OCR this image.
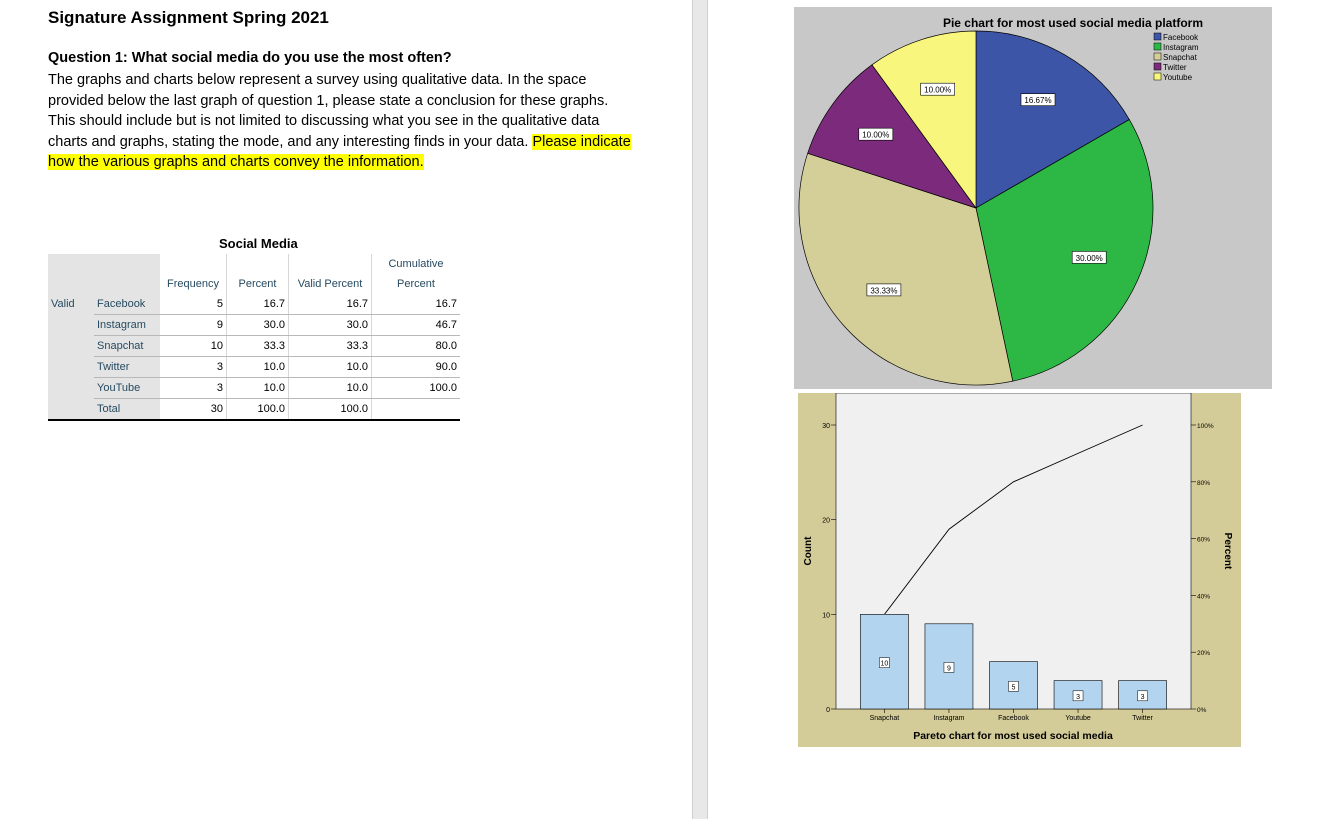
Signature Assignment Spring 2021
Question 1: What social media do you use the most often?

The graphs and charts below represent a survey using qualitative data. In the space provided below the last graph of question 1, please state a conclusion for these graphs. This should include but is not limited to discussing what you see in the qualitative data charts and graphs, stating the mode, and any interesting finds in your data. Please indicate how the various graphs and charts convey the information.

Social Media
					Cumulative
		Frequency	Percent	Valid Percent	Percent
Valid	Facebook	5	16.7	16.7	16.7
	Instagram	9	30.0	30.0	46.7
	Snapchat	10	33.3	33.3	80.0
	Twitter	3	10.0	10.0	90.0
	YouTube	3	10.0	10.0	100.0
	Total	30	100.0	100.0	
Pie chart for most used social media platform
16.67%
30.00%
33.33%
10.00%
10.00%
Facebook
Instagram
Snapchat
Twitter
Youtube
0
10
20
30
0%
20%
40%
60%
80%
100%
Snapchat	Instagram	Facebook	Youtube	Twitter
10
9
5
3	3
Count	Percent
Pareto chart for most used social media
